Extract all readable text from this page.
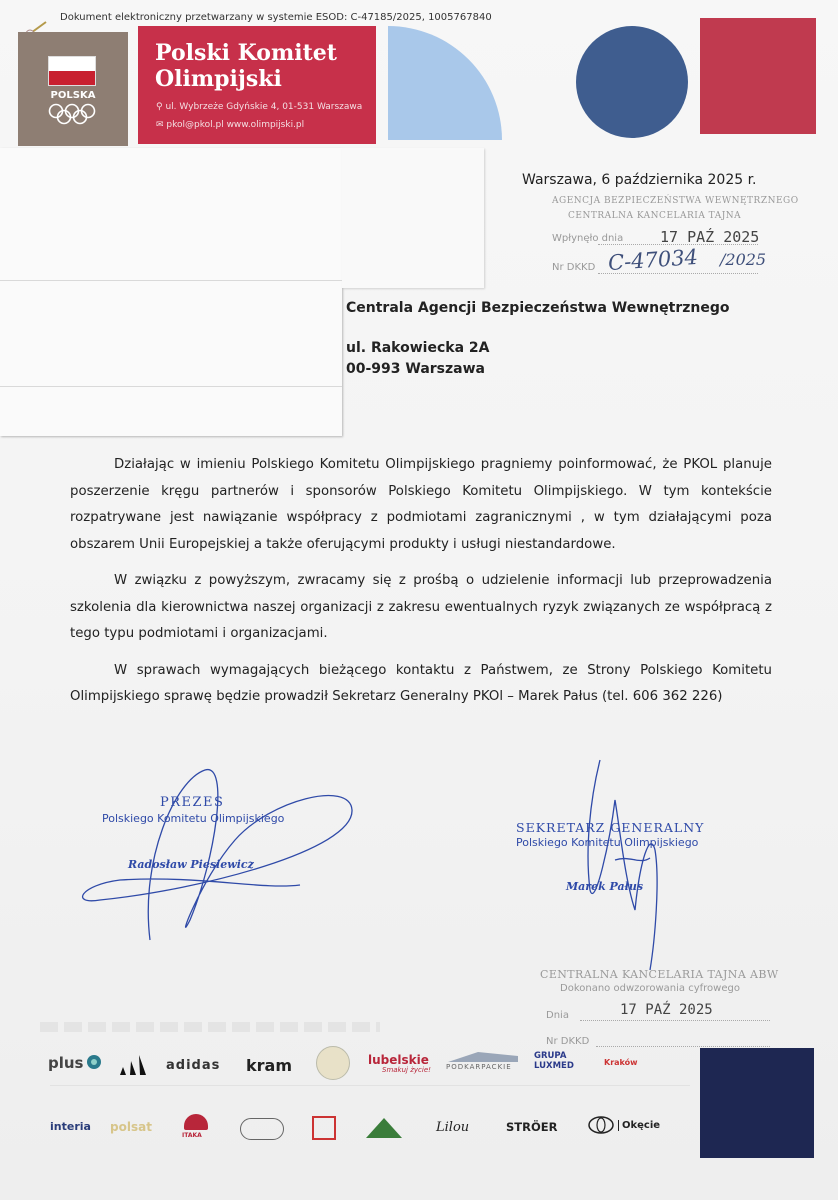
Dokument elektroniczny przetwarzany w systemie ESOD: C-47185/2025, 1005767840
POLSKA
Polski Komitet
Olimpijski
⚲ ul. Wybrzeże Gdyńskie 4, 01-531 Warszawa
✉ pkol@pkol.pl www.olimpijski.pl
Warszawa, 6 października 2025 r.
AGENCJA BEZPIECZEŃSTWA WEWNĘTRZNEGO
CENTRALNA KANCELARIA TAJNA
Wpłynęło dnia 17 PAŹ 2025
Nr DKKD C-47034 /2025
Centrala Agencji Bezpieczeństwa Wewnętrznego
ul. Rakowiecka 2A
00-993 Warszawa

Działając w imieniu Polskiego Komitetu Olimpijskiego pragniemy poinformować, że PKOL planuje poszerzenie kręgu partnerów i sponsorów Polskiego Komitetu Olimpijskiego. W tym kontekście rozpatrywane jest nawiązanie współpracy z podmiotami zagranicznymi , w tym działającymi poza obszarem Unii Europejskiej a także oferującymi produkty i usługi niestandardowe.

W związku z powyższym, zwracamy się z prośbą o udzielenie informacji lub przeprowadzenia szkolenia dla kierownictwa naszej organizacji z zakresu ewentualnych ryzyk związanych ze współpracą z tego typu podmiotami i organizacjami.

W sprawach wymagających bieżącego kontaktu z Państwem, ze Strony Polskiego Komitetu Olimpijskiego sprawę będzie prowadził Sekretarz Generalny PKOl – Marek Pałus (tel. 606 362 226)

PREZES
Polskiego Komitetu Olimpijskiego
Radosław Piesiewicz
SEKRETARZ GENERALNY
Polskiego Komitetu Olimpijskiego
Marek Pałus
CENTRALNA KANCELARIA TAJNA ABW
Dokonano odwzorowania cyfrowego
Dnia	17 PAŹ 2025
Nr DKKD
plus	adidas kram	lubelskie
Smakuj życie! PODKARPACKIE
GRUPA LUXMED	Kraków
interia polsat
ITAKA
Lilou	STRÖER	Okęcie
